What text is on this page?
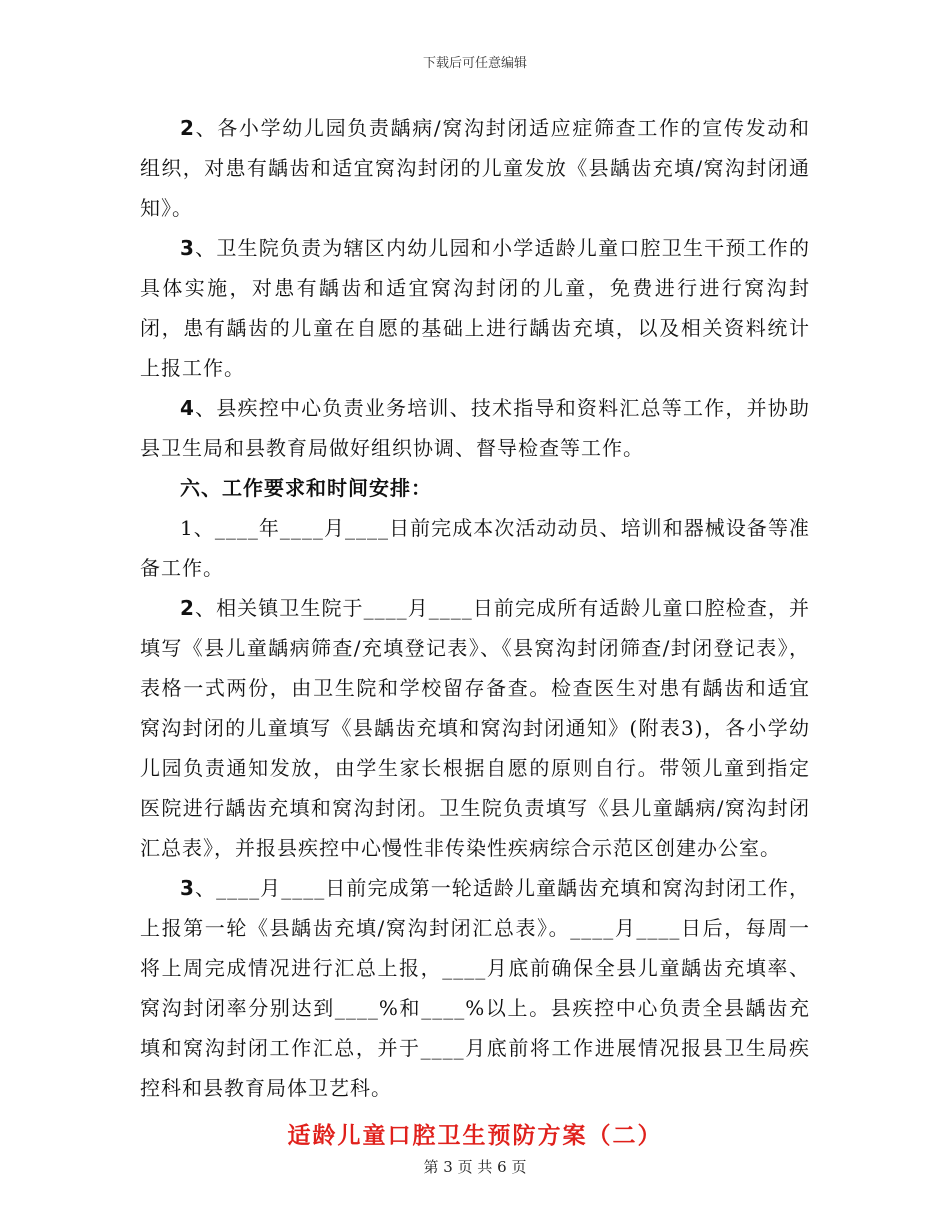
下载后可任意编辑

2、各小学幼儿园负责龋病/窝沟封闭适应症筛查工作的宣传发动和组织，对患有龋齿和适宜窝沟封闭的儿童发放《县龋齿充填/窝沟封闭通知》。

3、卫生院负责为辖区内幼儿园和小学适龄儿童口腔卫生干预工作的具体实施，对患有龋齿和适宜窝沟封闭的儿童，免费进行进行窝沟封闭，患有龋齿的儿童在自愿的基础上进行龋齿充填，以及相关资料统计上报工作。

4、县疾控中心负责业务培训、技术指导和资料汇总等工作，并协助县卫生局和县教育局做好组织协调、督导检查等工作。

六、工作要求和时间安排：

1、____年____月____日前完成本次活动动员、培训和器械设备等准备工作。

2、相关镇卫生院于____月____日前完成所有适龄儿童口腔检查，并填写《县儿童龋病筛查/充填登记表》、《县窝沟封闭筛查/封闭登记表》，表格一式两份，由卫生院和学校留存备查。检查医生对患有龋齿和适宜窝沟封闭的儿童填写《县龋齿充填和窝沟封闭通知》(附表3)，各小学幼儿园负责通知发放，由学生家长根据自愿的原则自行。带领儿童到指定医院进行龋齿充填和窝沟封闭。卫生院负责填写《县儿童龋病/窝沟封闭汇总表》，并报县疾控中心慢性非传染性疾病综合示范区创建办公室。

3、____月____日前完成第一轮适龄儿童龋齿充填和窝沟封闭工作，上报第一轮《县龋齿充填/窝沟封闭汇总表》。____月____日后，每周一将上周完成情况进行汇总上报，____月底前确保全县儿童龋齿充填率、窝沟封闭率分别达到____%和____%以上。县疾控中心负责全县龋齿充填和窝沟封闭工作汇总，并于____月底前将工作进展情况报县卫生局疾控科和县教育局体卫艺科。

适龄儿童口腔卫生预防方案（二）
第 3 页 共 6 页
